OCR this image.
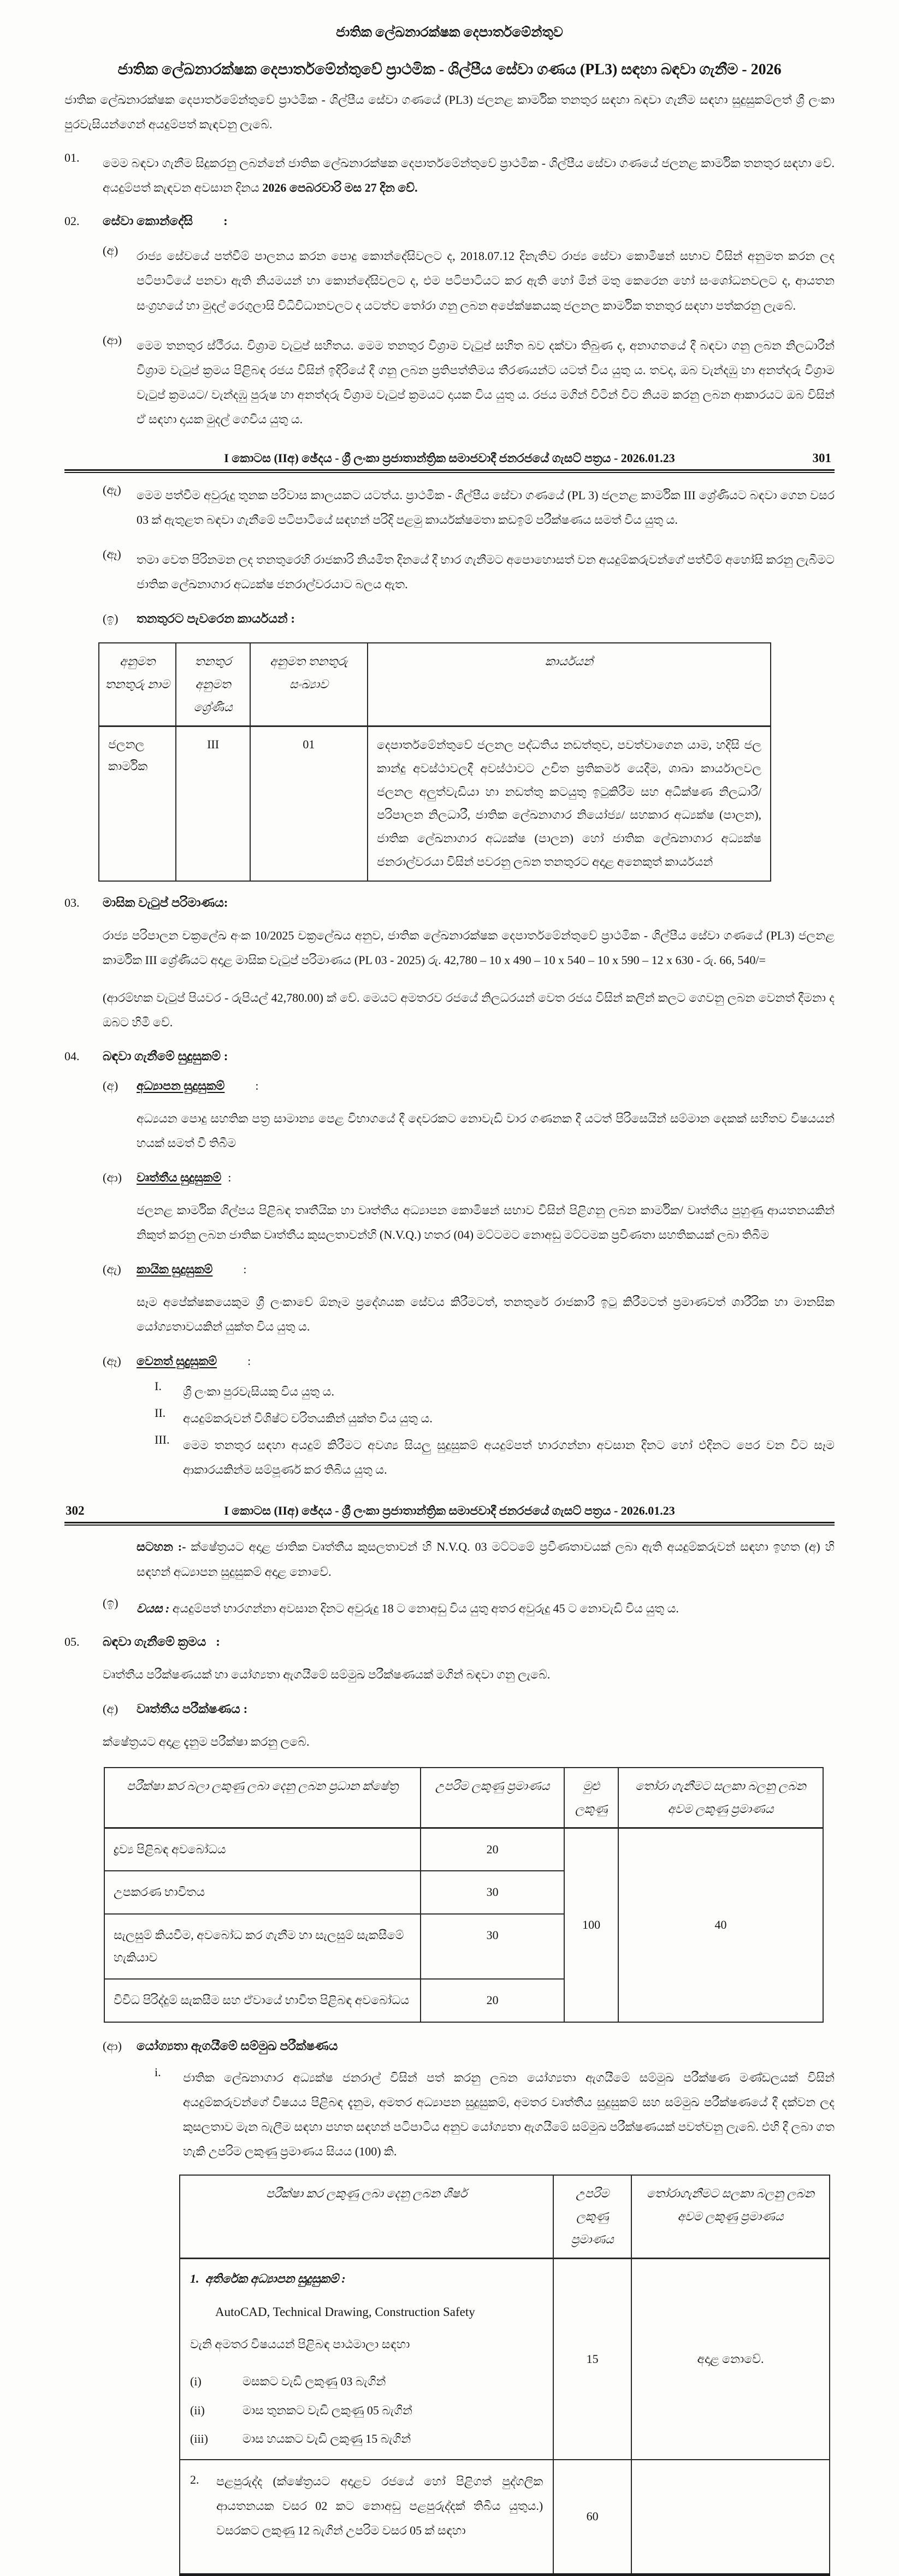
ජාතික ලේඛනාරක්ෂක දෙපාර්තමේන්තුව
ජාතික ලේඛනාරක්ෂක දෙපාර්තමේන්තුවේ ප්‍රාථමික - ශිල්පීය සේවා ගණය (PL3) සඳහා බඳවා ගැනීම - 2026

ජාතික ලේඛනාරක්ෂක දෙපාර්තමේන්තුවේ ප්‍රාථමික - ශිල්පීය සේවා ගණයේ (PL3) ජලනළ කාර්මික තනතුර සඳහා බඳවා ගැනීම සඳහා සුදුසුකම්ලත් ශ්‍රී ලංකා පුරවැසියන්ගෙන් අයදුම්පත් කැඳවනු ලැබේ.

01.	මෙම බඳවා ගැනීම සිදුකරනු ලබන්නේ ජාතික ලේඛනාරක්ෂක දෙපාර්තමේන්තුවේ ප්‍රාථමික - ශිල්පීය සේවා ගණයේ ජලනළ කාර්මික තනතුර සඳහා වේ. අයදුම්පත් කැඳවන අවසාන දිනය 2026 පෙබරවාරි මස 27 දින වේ.

02.	සේවා කොන්දේසි :

(අ)	රාජ්‍ය සේවයේ පත්වීම් පාලනය කරන පොදු කොන්දේසිවලට ද, 2018.07.12 දිනැතිව රාජ්‍ය සේවා කොමිෂන් සභාව විසින් අනුමත කරන ලද පටිපාටියේ පනවා ඇති නියමයන් හා කොන්දේසිවලට ද, එම පටිපාටියට කර ඇති හෝ මින් මතු කෙරෙන හෝ සංශෝධනවලට ද, ආයතන සංග්‍රහයේ හා මුදල් රෙගුලාසි විධිවිධානවලට ද යටත්ව තෝරා ගනු ලබන අපේක්ෂකයකු ජලනල කාර්මික තනතුර සඳහා පත්කරනු ලැබේ.

(ආ)	මෙම තනතුර ස්ථීරය. විශ්‍රාම වැටුප් සහිතය. මෙම තනතුර විශ්‍රාම වැටුප් සහිත බව දක්වා තිබුණ ද, අනාගතයේ දී බඳවා ගනු ලබන නිලධාරීන් විශ්‍රාම වැටුප් ක්‍රමය පිළිබඳ රජය විසින් ඉදිරියේ දී ගනු ලබන ප්‍රතිපත්තිමය තීරණයන්ට යටත් විය යුතු ය. තවද, ඔබ වැන්දඹු හා අනත්දරු විශ්‍රාම වැටුප් ක්‍රමයට/ වැන්දඹු පුරුෂ හා අනත්දරු විශ්‍රාම වැටුප් ක්‍රමයට දායක විය යුතු ය. රජය මගින් විටින් විට නියම කරනු ලබන ආකාරයට ඔබ විසින් ඒ සඳහා දායක මුදල් ගෙවිය යුතු ය.

I කොටස (IIඅ) ඡේදය - ශ්‍රී ලංකා ප්‍රජාතාන්ත්‍රික සමාජවාදී ජනරජයේ ගැසට් පත්‍රය - 2026.01.23	301
(ඇ)	මෙම පත්වීම අවුරුදු තුනක පරිවාස කාලයකට යටත්ය. ප්‍රාථමික - ශිල්පීය සේවා ගණයේ (PL 3) ජලනළ කාර්මික III ශ්‍රේණියට බඳවා ගෙන වසර 03 ක් ඇතුළත බඳවා ගැනීමේ පටිපාටියේ සඳහන් පරිදි පළමු කාර්යක්ෂමතා කඩඉම් පරීක්ෂණය සමත් විය යුතු ය.

(ඈ)	තමා වෙත පිරිනමන ලද තනතුරෙහි රාජකාරි නියමිත දිනයේ දී භාර ගැනීමට අපොහොසත් වන අයදුම්කරුවන්ගේ පත්වීම් අහෝසි කරනු ලැබීමට ජාතික ලේඛනාගාර අධ්‍යක්ෂ ජනරාල්වරයාට බලය ඇත.

(ඉ)	තනතුරට පැවරෙන කාර්යයන් :

අනුමත තනතුරු නාම	තනතුර අනුමත ශ්‍රේණිය	අනුමත තනතුරු සංඛ්‍යාව	කාර්යයන්
ජලනල කාර්මික	III	01	දෙපාර්තමේන්තුවේ ජලනල පද්ධතිය නඩත්තුව, පවත්වාගෙන යාම, හදිසි ජල කාන්දු අවස්ථාවලදී අවස්ථාවට උචිත ප්‍රතිකර්ම යෙදීම, ශාඛා කාර්යාලවල ජලනල අලුත්වැඩියා හා නඩත්තු කටයුතු ඉටුකිරීම සහ අධීක්ෂණ නිලධාරී/ පරිපාලන නිලධාරී, ජාතික ලේඛනාගාර නියෝජ්‍ය/ සහකාර අධ්‍යක්ෂ (පාලන), ජාතික ලේඛනාගාර අධ්‍යක්ෂ (පාලන) හෝ ජාතික ලේඛනාගාර අධ්‍යක්ෂ ජනරාල්වරයා විසින් පවරනු ලබන තනතුරට අදාළ අනෙකුත් කාර්යයන්
03.	මාසික වැටුප් පරිමාණය:

රාජ්‍ය පරිපාලන චක්‍රලේඛ අංක 10/2025 චක්‍රලේඛය අනුව, ජාතික ලේඛනාරක්ෂක දෙපාර්තමේන්තුවේ ප්‍රාථමික - ශිල්පීය සේවා ගණයේ (PL3) ජලනළ කාර්මික III ශ්‍රේණියට අදාළ මාසික වැටුප් පරිමාණය (PL 03 - 2025) රු. 42,780 – 10 x 490 – 10 x 540 – 10 x 590 – 12 x 630 - රු. 66, 540/=

(ආරම්භක වැටුප් පියවර - රුපියල් 42,780.00) ක් වේ. මෙයට අමතරව රජයේ නිලධරයන් වෙත රජය විසින් කලින් කලට ගෙවනු ලබන වෙනත් දීමනා ද ඔබට හිමි වේ.

04.	බඳවා ගැනීමේ සුදුසුකම් :

(අ)	අධ්‍යාපන සුදුසුකම්	:

අධ්‍යයන පොදු සහතික පත්‍ර සාමාන්‍ය පෙළ විභාගයේ දී දෙවරකට නොවැඩි වාර ගණනක දී යටත් පිරිසෙයින් සම්මාන දෙකක් සහිතව විෂයයන් හයක් සමත් වී තිබීම

(ආ)	වෘත්තීය සුදුසුකම් :

ජලනළ කාර්මික ශිල්පය පිළිබඳ තෘතීයික හා වෘත්තීය අධ්‍යාපන කොමිෂන් සභාව විසින් පිළිගනු ලබන කාර්මික/ වෘත්තීය පුහුණු ආයතනයකින් නිකුත් කරනු ලබන ජාතික වෘත්තීය කුසලතාවන්හි (N.V.Q.) හතර (04) මට්ටමට නොඅඩු මට්ටමක ප්‍රවීණතා සහතිකයක් ලබා තිබීම

(ඇ)	කායික සුදුසුකම්	:

සෑම අපේක්ෂකයෙකුම ශ්‍රී ලංකාවේ ඕනෑම ප්‍රදේශයක සේවය කිරීමටත්, තනතුරේ රාජකාරී ඉටු කිරීමටත් ප්‍රමාණවත් ශාරීරික හා මානසික යෝග්‍යතාවයකින් යුක්ත විය යුතු ය.

(ඈ)	වෙනත් සුදුසුකම්	:

I.	ශ්‍රී ලංකා පුරවැසියකු විය යුතු ය.

II.	අයදුම්කරුවන් විශිෂ්ට චරිතයකින් යුක්ත විය යුතු ය.

III.	මෙම තනතුර සඳහා අයදුම් කිරීමට අවශ්‍ය සියලු සුදුසුකම් අයදුම්පත් භාරගන්නා අවසාන දිනට හෝ එදිනට පෙර වන විට සෑම ආකාරයකින්ම සම්පූර්ණ කර තිබිය යුතු ය.

302	I කොටස (IIඅ) ඡේදය - ශ්‍රී ලංකා ප්‍රජාතාන්ත්‍රික සමාජවාදී ජනරජයේ ගැසට් පත්‍රය - 2026.01.23

සටහන :- ක්ෂේත්‍රයට අදාළ ජාතික වෘත්තීය කුසලතාවන් හි N.V.Q. 03 මට්ටමේ ප්‍රවීණතාවයක් ලබා ඇති අයදුම්කරුවන් සඳහා ඉහත (අ) හි සඳහන් අධ්‍යාපන සුදුසුකම් අදාළ නොවේ.

(ඉ)	වයස : අයදුම්පත් භාරගන්නා අවසාන දිනට අවුරුදු 18 ට නොඅඩු විය යුතු අතර අවුරුදු 45 ට නොවැඩි විය යුතු ය.

05.	බඳවා ගැනීමේ ක්‍රමය :

වෘත්තීය පරීක්ෂණයක් හා යෝග්‍යතා ඇගයීමේ සම්මුඛ පරීක්ෂණයක් මගින් බඳවා ගනු ලැබේ.

(අ)	වෘත්තීය පරීක්ෂණය :

ක්ෂේත්‍රයට අදාළ දැනුම පරීක්ෂා කරනු ලබේ.

පරීක්ෂා කර බලා ලකුණු ලබා දෙනු ලබන ප්‍රධාන ක්ෂේත්‍ර	උපරිම ලකුණු ප්‍රමාණය	මුළු ලකුණු	තෝරා ගැනීමට සලකා බලනු ලබන අවම ලකුණු ප්‍රමාණය
ද්‍රව්‍ය පිළිබඳ අවබෝධය	20	100	40
උපකරණ භාවිතය	30		
සැලසුම් කියවීම, අවබෝධ කර ගැනීම හා සැලසුම් සැකසීමේ හැකියාව	30		
විවිධ පිරිද්දුම් සැකසීම සහ ඒවායේ භාවිත පිළිබඳ අවබෝධය	20		
(ආ)	යෝග්‍යතා ඇගයීමේ සම්මුඛ පරීක්ෂණය

i.	ජාතික ලේඛනාගාර අධ්‍යක්ෂ ජනරාල් විසින් පත් කරනු ලබන යෝග්‍යතා ඇගයීමේ සම්මුඛ පරීක්ෂණ මණ්ඩලයක් විසින් අයදුම්කරුවන්ගේ විෂයය පිළිබඳ දැනුම, අමතර අධ්‍යාපන සුදුසුකම්, අමතර වෘත්තීය සුදුසුකම් සහ සම්මුඛ පරීක්ෂණයේ දී දක්වන ලද කුසලතාව මැන බැලීම සඳහා පහත සඳහන් පටිපාටිය අනුව යෝග්‍යතා ඇගයීමේ සම්මුඛ පරීක්ෂණයක් පවත්වනු ලැබේ. එහි දී ලබා ගත හැකි උපරිම ලකුණු ප්‍රමාණය සියය (100) කි.

පරීක්ෂා කර ලකුණු ලබා දෙනු ලබන ශීර්ෂ	උපරිම ලකුණු ප්‍රමාණය	තෝරාගැනීමට සලකා බලනු ලබන අවම ලකුණු ප්‍රමාණය

1. අතිරේක අධ්‍යාපන සුදුසුකම් :

AutoCAD, Technical Drawing, Construction Safety

වැනි අමතර විෂයයන් පිළිබඳ පාඨමාලා සඳහා

(i)	මසකට වැඩි ලකුණු 03 බැගින්
(ii)	මාස තුනකට වැඩි ලකුණු 05 බැගින්
(iii)	මාස හයකට වැඩි ලකුණු 15 බැගින්
	15	අදාළ නොවේ.

2. පළපුරුද්ද (ක්ෂේත්‍රයට අදාළව රජයේ හෝ පිළිගත් පුද්ගලික ආයතනයක වසර 02 කට නොඅඩු පළපුරුද්දක් තිබිය යුතුය.) වසරකට ලකුණු 12 බැගින් උපරිම වසර 05 ක් සඳහා	60	
